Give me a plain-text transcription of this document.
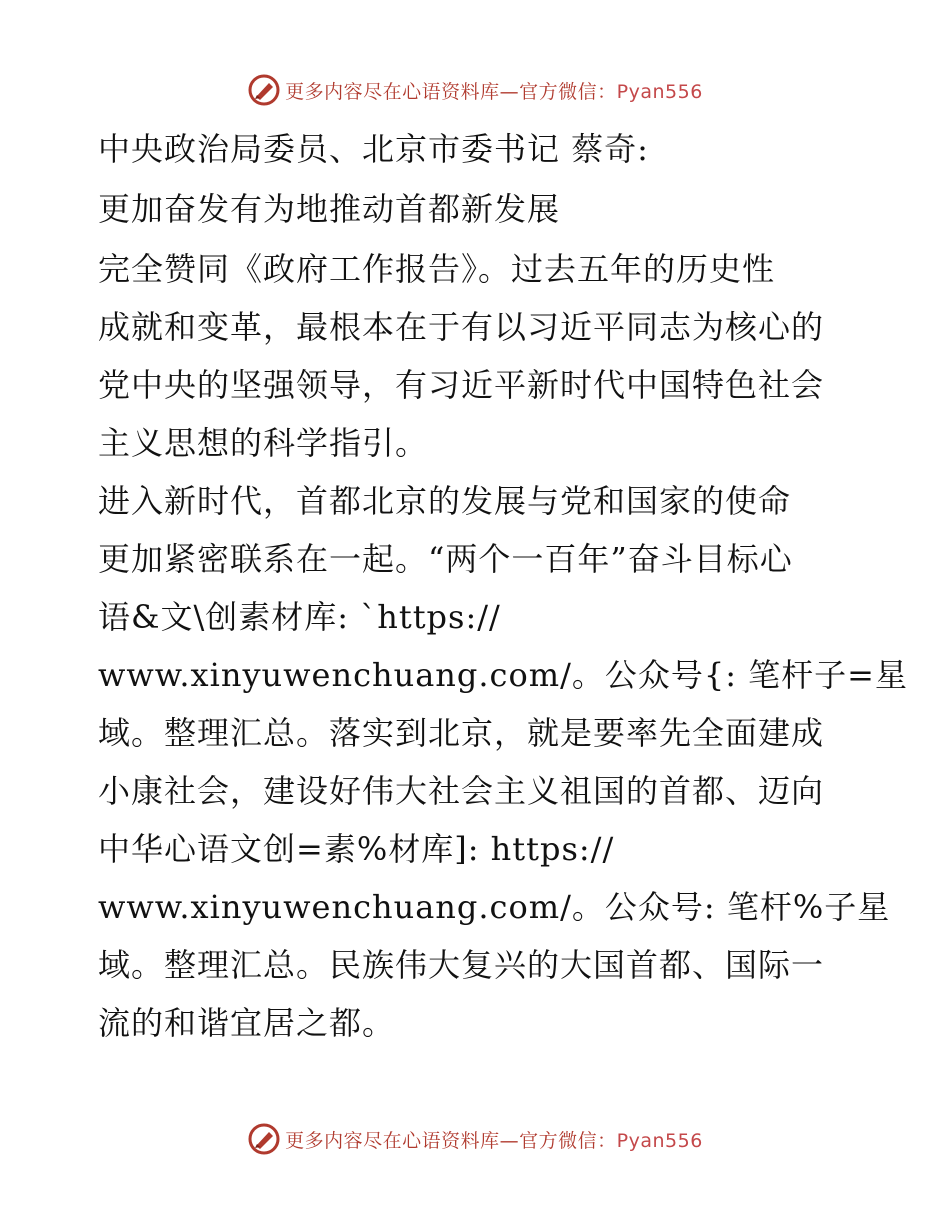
更多内容尽在心语资料库—官方微信：Pyan556
中央政治局委员、北京市委书记 蔡奇:
更加奋发有为地推动首都新发展
完全赞同《政府工作报告》。过去五年的历史性
成就和变革，最根本在于有以习近平同志为核心的
党中央的坚强领导，有习近平新时代中国特色社会
主义思想的科学指引。
进入新时代，首都北京的发展与党和国家的使命
更加紧密联系在一起。“两个一百年”奋斗目标心
语&文\创素材库: `https://
www.xinyuwenchuang.com/。公众号{: 笔杆子=星
域。整理汇总。落实到北京，就是要率先全面建成
小康社会，建设好伟大社会主义祖国的首都、迈向
中华心语文创=素%材库]: https://
www.xinyuwenchuang.com/。公众号: 笔杆%子星
域。整理汇总。民族伟大复兴的大国首都、国际一
流的和谐宜居之都。
更多内容尽在心语资料库—官方微信：Pyan556
